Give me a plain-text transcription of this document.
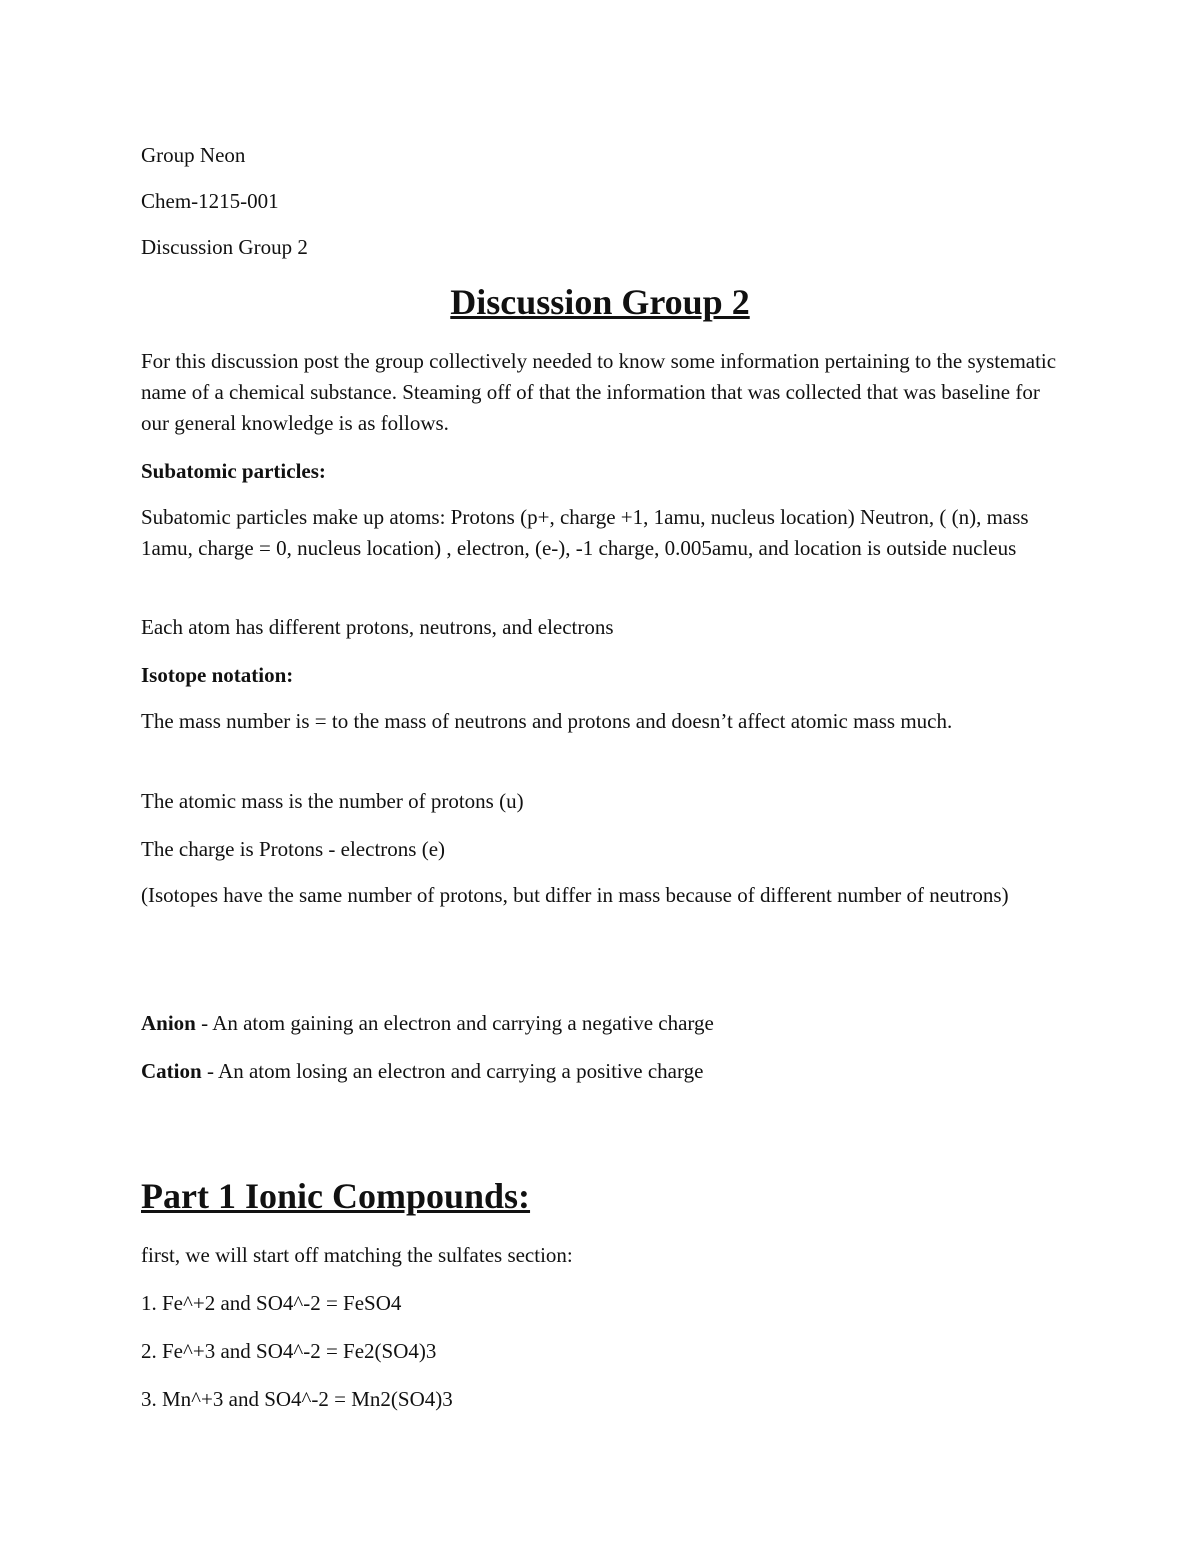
Group Neon

Chem-1215-001

Discussion Group 2

Discussion Group 2

For this discussion post the group collectively needed to know some information pertaining to the systematic name of a chemical substance. Steaming off of that the information that was collected that was baseline for our general knowledge is as follows.

Subatomic particles:

Subatomic particles make up atoms: Protons (p+, charge +1, 1amu, nucleus location) Neutron, ( (n), mass 1amu, charge = 0, nucleus location) , electron, (e-), -1 charge, 0.005amu, and location is outside nucleus

Each atom has different protons, neutrons, and electrons

Isotope notation:

The mass number is = to the mass of neutrons and protons and doesn’t affect atomic mass much.

The atomic mass is the number of protons (u)

The charge is Protons - electrons (e)

(Isotopes have the same number of protons, but differ in mass because of different number of neutrons)

Anion - An atom gaining an electron and carrying a negative charge

Cation - An atom losing an electron and carrying a positive charge

Part 1 Ionic Compounds:

first, we will start off matching the sulfates section:

1. Fe^+2 and SO4^-2 = FeSO4

2. Fe^+3 and SO4^-2 = Fe2(SO4)3

3. Mn^+3 and SO4^-2 = Mn2(SO4)3
